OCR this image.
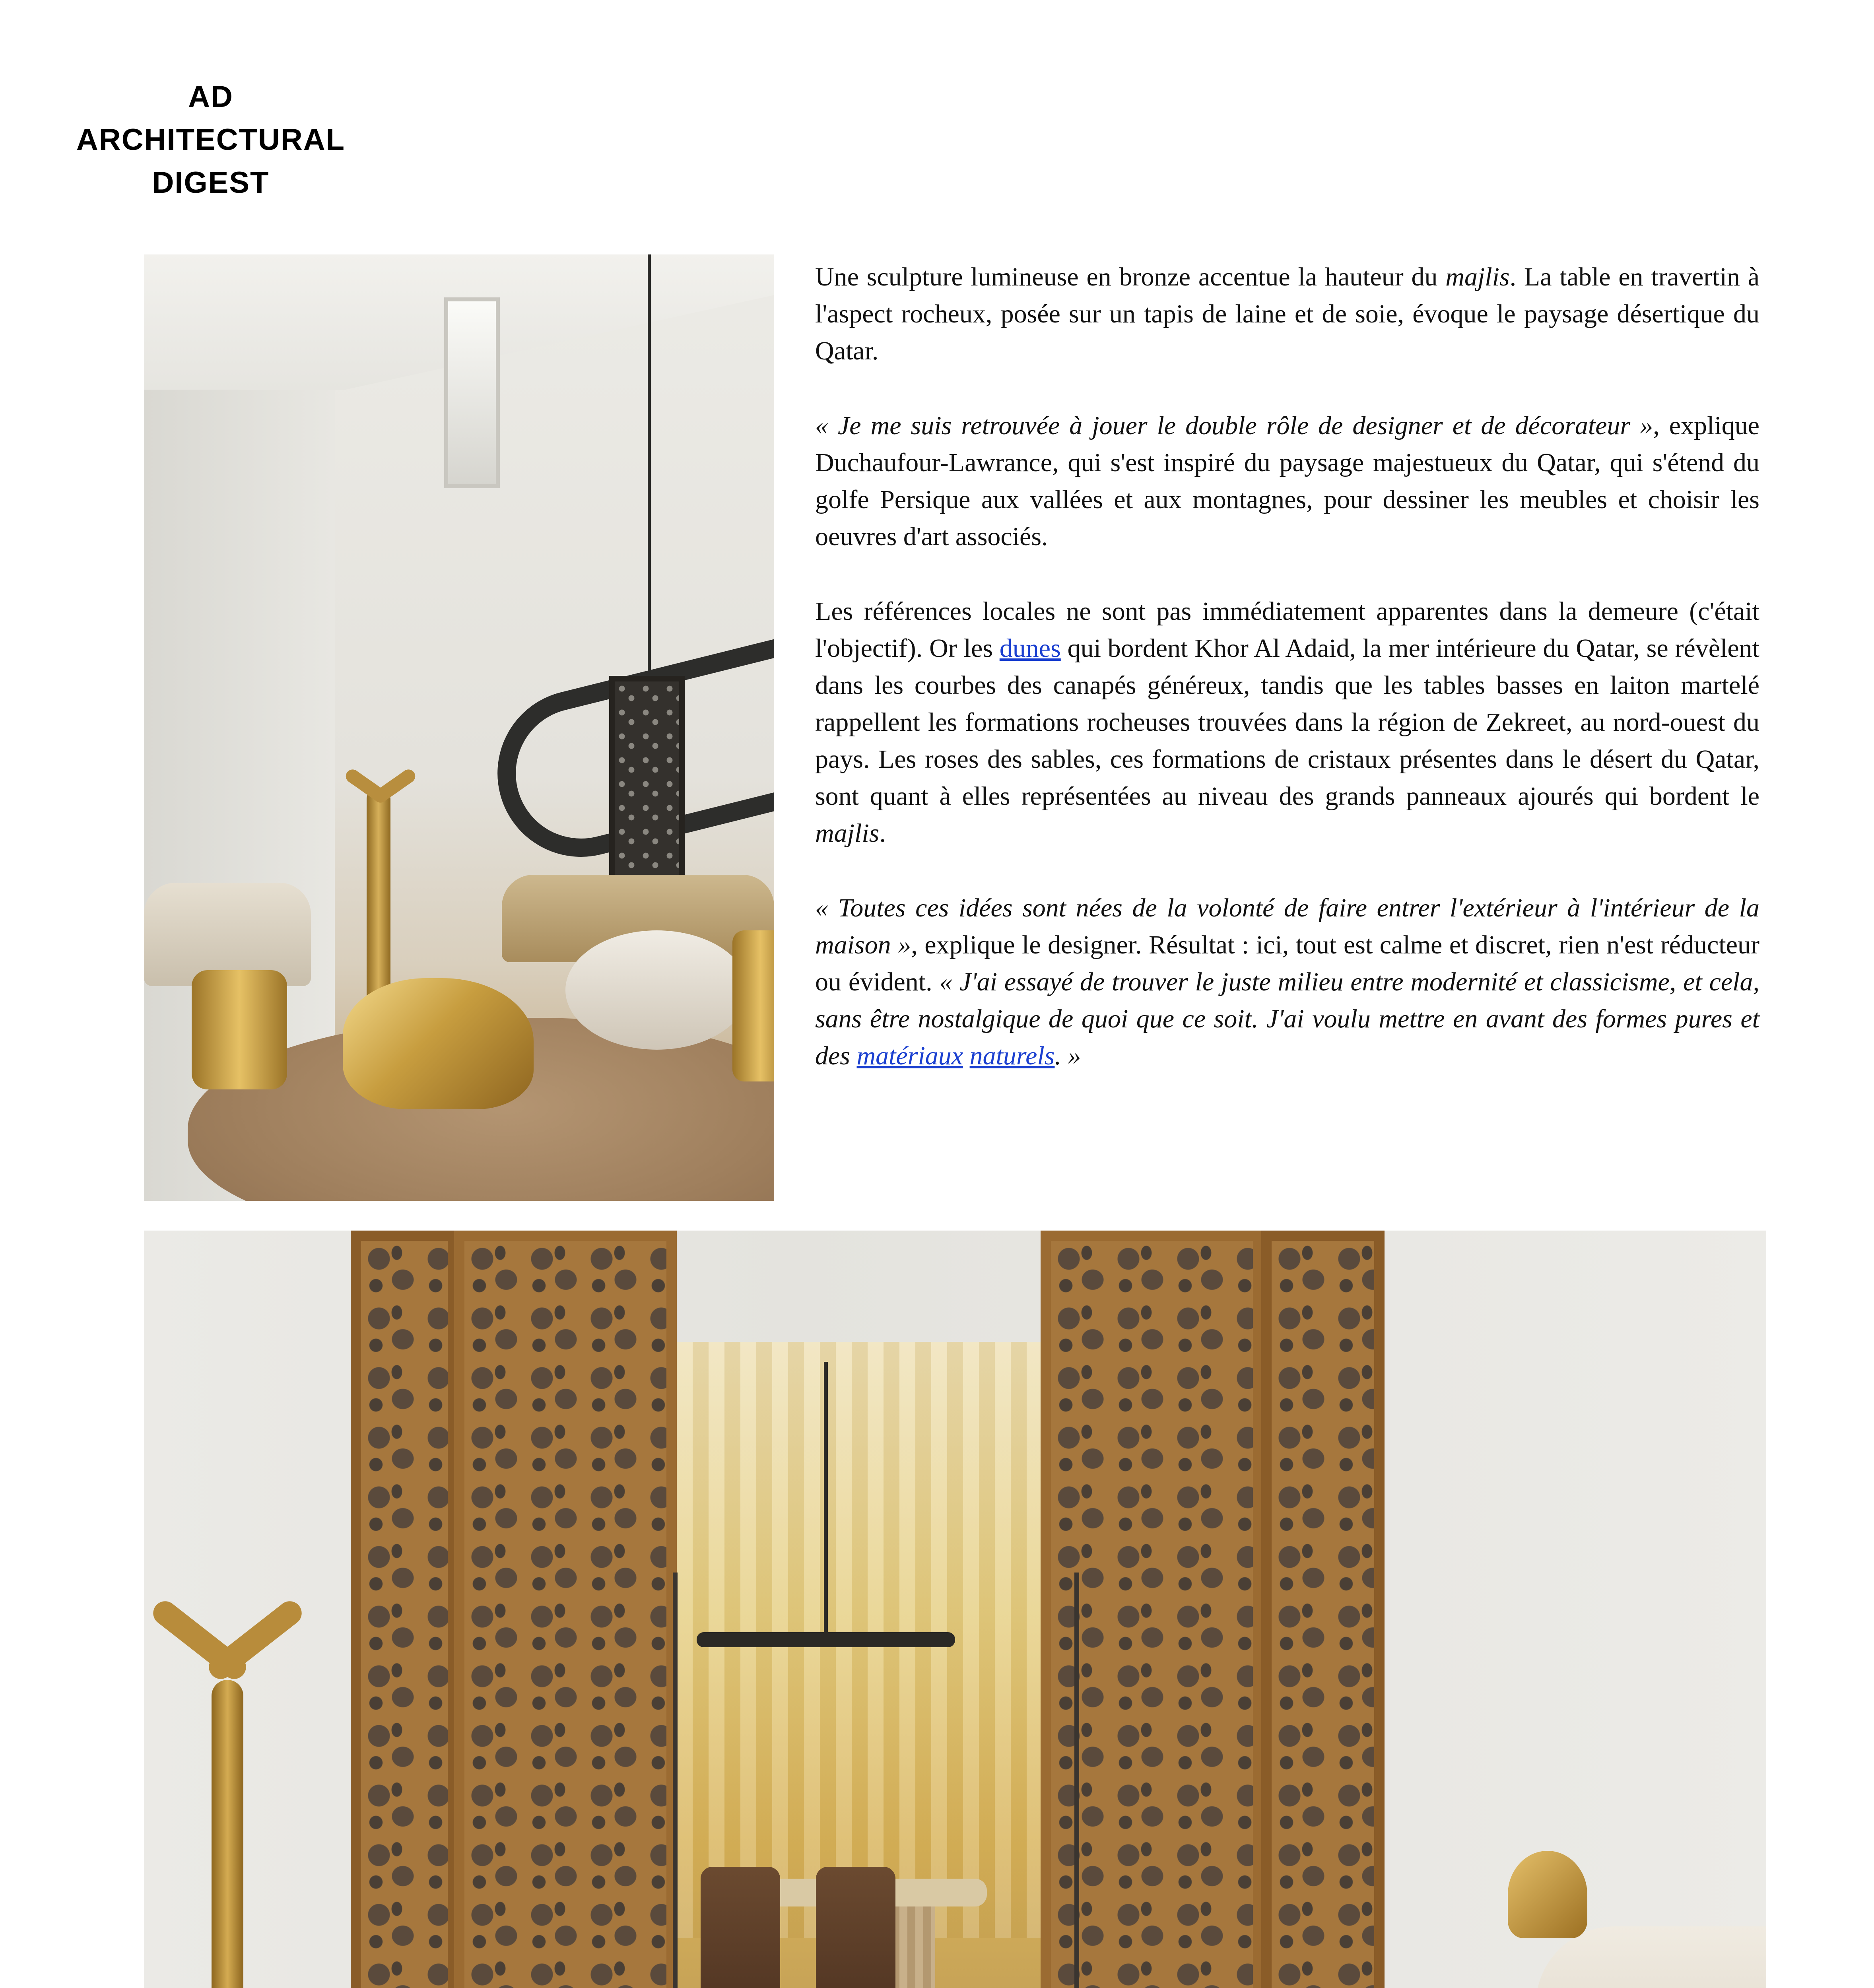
AD
ARCHITECTURAL
DIGEST

Une sculpture lumineuse en bronze accentue la hauteur du majlis. La table en travertin à l'aspect rocheux, posée sur un tapis de laine et de soie, évoque le paysage désertique du Qatar.

« Je me suis retrouvée à jouer le double rôle de designer et de décorateur », explique Duchaufour-Lawrance, qui s'est inspiré du paysage majestueux du Qatar, qui s'étend du golfe Persique aux vallées et aux montagnes, pour dessiner les meubles et choisir les oeuvres d'art associés.

Les références locales ne sont pas immédiatement apparentes dans la demeure (c'était l'objectif). Or les dunes qui bordent Khor Al Adaid, la mer intérieure du Qatar, se révèlent dans les courbes des canapés généreux, tandis que les tables basses en laiton martelé rappellent les formations rocheuses trouvées dans la région de Zekreet, au nord-ouest du pays. Les roses des sables, ces formations de cristaux présentes dans le désert du Qatar, sont quant à elles représentées au niveau des grands panneaux ajourés qui bordent le majlis.

« Toutes ces idées sont nées de la volonté de faire entrer l'extérieur à l'intérieur de la maison », explique le designer. Résultat : ici, tout est calme et discret, rien n'est réducteur ou évident. « J'ai essayé de trouver le juste milieu entre modernité et classicisme, et cela, sans être nostalgique de quoi que ce soit. J'ai voulu mettre en avant des formes pures et des matériaux naturels. »
